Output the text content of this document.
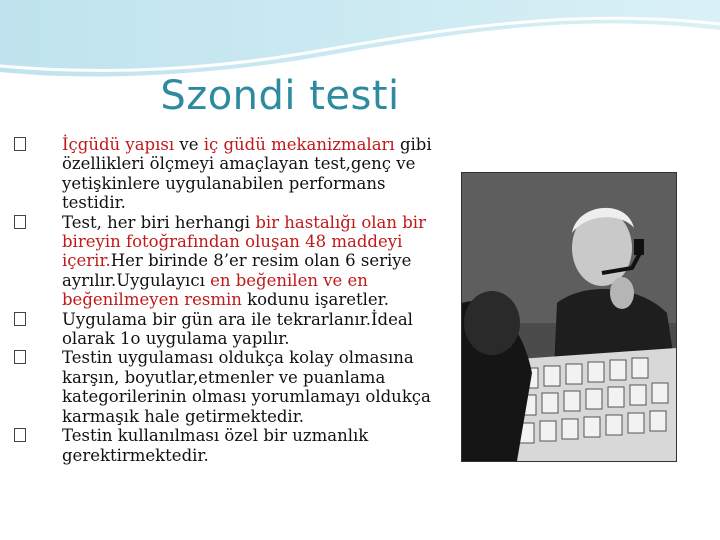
Szondi testi
İçgüdü yapısı ve iç güdü mekanizmaları gibi özellikleri ölçmeyi amaçlayan test,genç ve yetişkinlere uygulanabilen performans testidir.
Test, her biri herhangi bir hastalığı olan bir bireyin fotoğrafından oluşan 48 maddeyi içerir.Her birinde 8’er resim olan 6 seriye ayrılır.Uygulayıcı en beğenilen ve en beğenilmeyen resmin kodunu işaretler.
Uygulama bir gün ara ile tekrarlanır.İdeal olarak 1o uygulama yapılır.
Testin uygulaması oldukça kolay olmasına karşın, boyutlar,etmenler ve puanlama kategorilerinin olması yorumlamayı oldukça karmaşık hale getirmektedir.
Testin kullanılması özel bir uzmanlık gerektirmektedir.
